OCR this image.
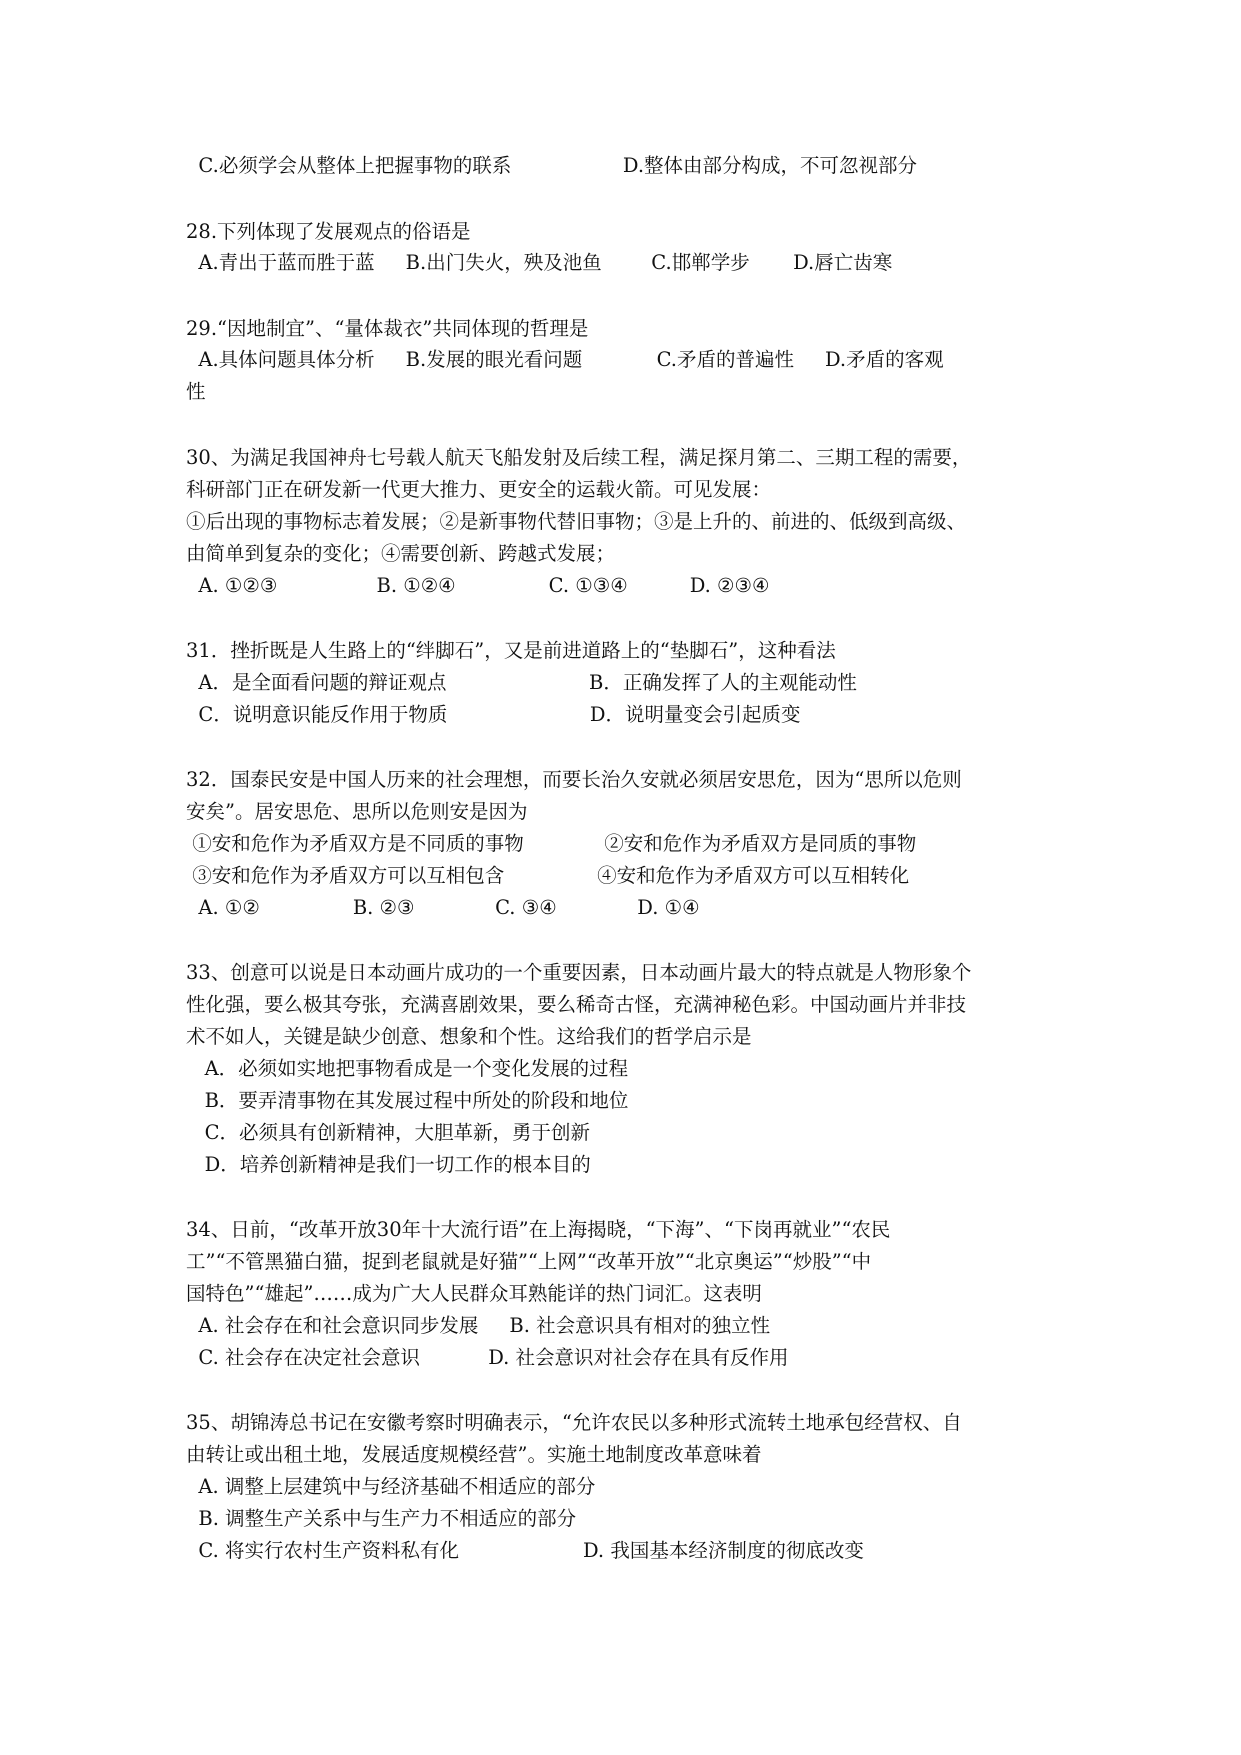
C.必须学会从整体上把握事物的联系                  D.整体由部分构成，不可忽视部分
28.下列体现了发展观点的俗语是
A.青出于蓝而胜于蓝     B.出门失火，殃及池鱼        C.邯郸学步       D.唇亡齿寒
29.“因地制宜”、“量体裁衣”共同体现的哲理是
A.具体问题具体分析     B.发展的眼光看问题            C.矛盾的普遍性     D.矛盾的客观
性
30、为满足我国神舟七号载人航天飞船发射及后续工程，满足探月第二、三期工程的需要，
科研部门正在研发新一代更大推力、更安全的运载火箭。可见发展：
①后出现的事物标志着发展；②是新事物代替旧事物；③是上升的、前进的、低级到高级、
由简单到复杂的变化；④需要创新、跨越式发展；
A. ①②③                B. ①②④               C. ①③④          D. ②③④
31．挫折既是人生路上的“绊脚石”，又是前进道路上的“垫脚石”，这种看法
A．是全面看问题的辩证观点                       B．正确发挥了人的主观能动性
C．说明意识能反作用于物质                       D．说明量变会引起质变
32．国泰民安是中国人历来的社会理想，而要长治久安就必须居安思危，因为“思所以危则
安矣”。居安思危、思所以危则安是因为
①安和危作为矛盾双方是不同质的事物             ②安和危作为矛盾双方是同质的事物
③安和危作为矛盾双方可以互相包含               ④安和危作为矛盾双方可以互相转化
A. ①②               B. ②③             C. ③④             D. ①④
33、创意可以说是日本动画片成功的一个重要因素，日本动画片最大的特点就是人物形象个
性化强，要么极其夸张，充满喜剧效果，要么稀奇古怪，充满神秘色彩。中国动画片并非技
术不如人，关键是缺少创意、想象和个性。这给我们的哲学启示是
A．必须如实地把事物看成是一个变化发展的过程
B．要弄清事物在其发展过程中所处的阶段和地位
C．必须具有创新精神，大胆革新，勇于创新
D．培养创新精神是我们一切工作的根本目的
34、日前，“改革开放30年十大流行语”在上海揭晓，“下海”、“下岗再就业”“农民
工”“不管黑猫白猫，捉到老鼠就是好猫”“上网”“改革开放”“北京奥运”“炒股”“中
国特色”“雄起”……成为广大人民群众耳熟能详的热门词汇。这表明
A. 社会存在和社会意识同步发展     B. 社会意识具有相对的独立性
C. 社会存在决定社会意识           D. 社会意识对社会存在具有反作用
35、胡锦涛总书记在安徽考察时明确表示，“允许农民以多种形式流转土地承包经营权、自
由转让或出租土地，发展适度规模经营”。实施土地制度改革意味着
A. 调整上层建筑中与经济基础不相适应的部分
B. 调整生产关系中与生产力不相适应的部分
C. 将实行农村生产资料私有化                    D. 我国基本经济制度的彻底改变
